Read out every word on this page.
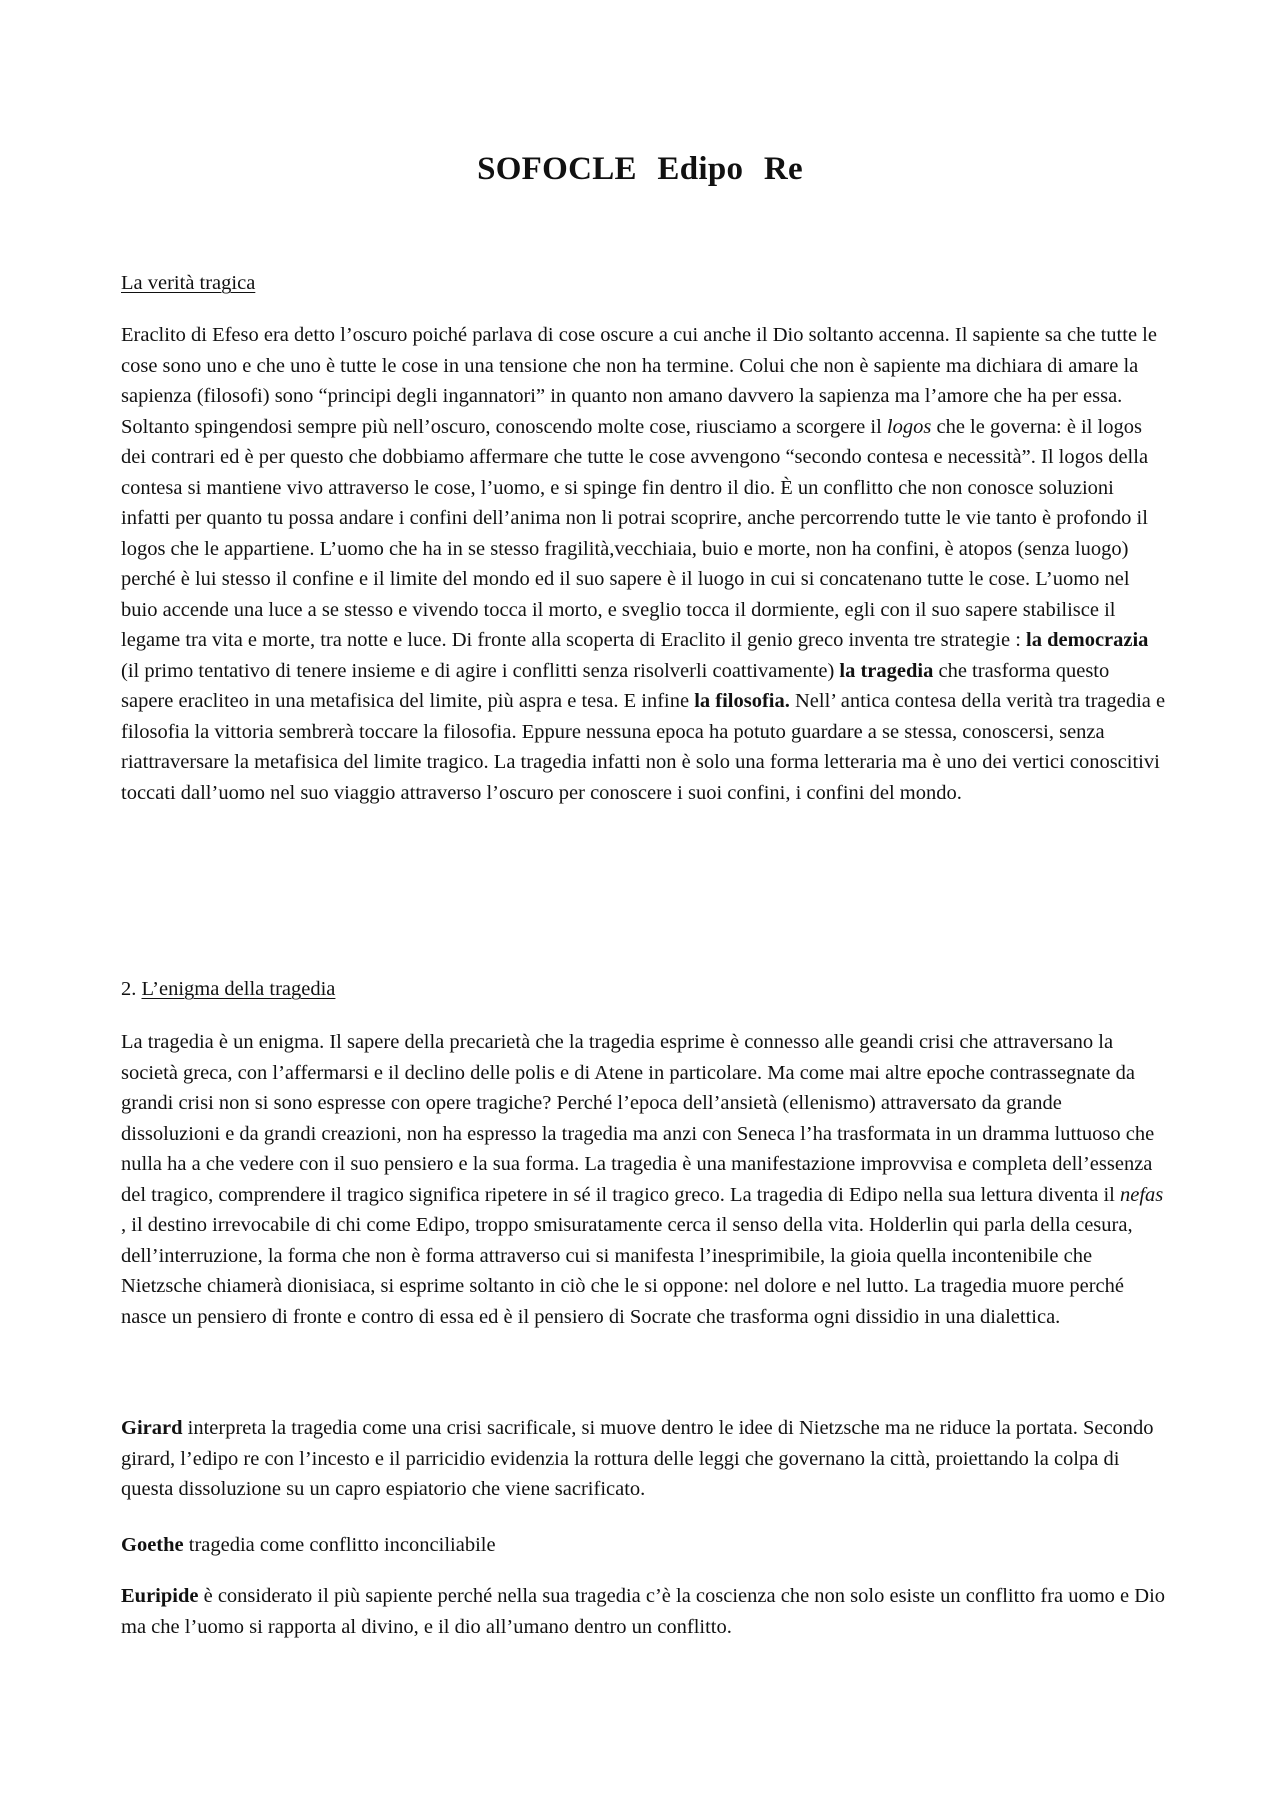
SOFOCLE Edipo Re
La verità tragica

Eraclito di Efeso era detto l’oscuro poiché parlava di cose oscure a cui anche il Dio soltanto accenna. Il sapiente sa che tutte le cose sono uno e che uno è tutte le cose in una tensione che non ha termine. Colui che non è sapiente ma dichiara di amare la sapienza (filosofi) sono “principi degli ingannatori” in quanto non amano davvero la sapienza ma l’amore che ha per essa. Soltanto spingendosi sempre più nell’oscuro, conoscendo molte cose, riusciamo a scorgere il logos che le governa: è il logos dei contrari ed è per questo che dobbiamo affermare che tutte le cose avvengono “secondo contesa e necessità”. Il logos della contesa si mantiene vivo attraverso le cose, l’uomo, e si spinge fin dentro il dio. È un conflitto che non conosce soluzioni infatti per quanto tu possa andare i confini dell’anima non li potrai scoprire, anche percorrendo tutte le vie tanto è profondo il logos che le appartiene. L’uomo che ha in se stesso fragilità,vecchiaia, buio e morte, non ha confini, è atopos (senza luogo) perché è lui stesso il confine e il limite del mondo ed il suo sapere è il luogo in cui si concatenano tutte le cose. L’uomo nel buio accende una luce a se stesso e vivendo tocca il morto, e sveglio tocca il dormiente, egli con il suo sapere stabilisce il legame tra vita e morte, tra notte e luce. Di fronte alla scoperta di Eraclito il genio greco inventa tre strategie : la democrazia (il primo tentativo di tenere insieme e di agire i conflitti senza risolverli coattivamente) la tragedia che trasforma questo sapere eracliteo in una metafisica del limite, più aspra e tesa. E infine la filosofia. Nell’ antica contesa della verità tra tragedia e filosofia la vittoria sembrerà toccare la filosofia. Eppure nessuna epoca ha potuto guardare a se stessa, conoscersi, senza riattraversare la metafisica del limite tragico. La tragedia infatti non è solo una forma letteraria ma è uno dei vertici conoscitivi toccati dall’uomo nel suo viaggio attraverso l’oscuro per conoscere i suoi confini, i confini del mondo.

2. L’enigma della tragedia

La tragedia è un enigma. Il sapere della precarietà che la tragedia esprime è connesso alle geandi crisi che attraversano la società greca, con l’affermarsi e il declino delle polis e di Atene in particolare. Ma come mai altre epoche contrassegnate da grandi crisi non si sono espresse con opere tragiche? Perché l’epoca dell’ansietà (ellenismo) attraversato da grande dissoluzioni e da grandi creazioni, non ha espresso la tragedia ma anzi con Seneca l’ha trasformata in un dramma luttuoso che nulla ha a che vedere con il suo pensiero e la sua forma. La tragedia è una manifestazione improvvisa e completa dell’essenza del tragico, comprendere il tragico significa ripetere in sé il tragico greco. La tragedia di Edipo nella sua lettura diventa il nefas , il destino irrevocabile di chi come Edipo, troppo smisuratamente cerca il senso della vita. Holderlin qui parla della cesura, dell’interruzione, la forma che non è forma attraverso cui si manifesta l’inesprimibile, la gioia quella incontenibile che Nietzsche chiamerà dionisiaca, si esprime soltanto in ciò che le si oppone: nel dolore e nel lutto. La tragedia muore perché nasce un pensiero di fronte e contro di essa ed è il pensiero di Socrate che trasforma ogni dissidio in una dialettica.

Girard interpreta la tragedia come una crisi sacrificale, si muove dentro le idee di Nietzsche ma ne riduce la portata. Secondo girard, l’edipo re con l’incesto e il parricidio evidenzia la rottura delle leggi che governano la città, proiettando la colpa di questa dissoluzione su un capro espiatorio che viene sacrificato.

Goethe tragedia come conflitto inconciliabile

Euripide è considerato il più sapiente perché nella sua tragedia c’è la coscienza che non solo esiste un conflitto fra uomo e Dio ma che l’uomo si rapporta al divino, e il dio all’umano dentro un conflitto.
